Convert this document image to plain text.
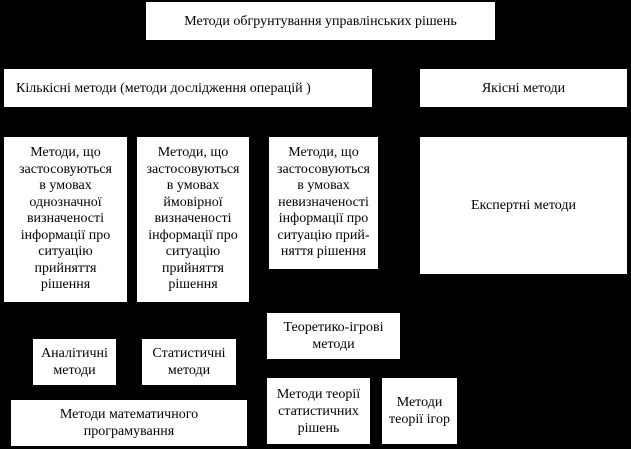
Методи обгрунтування управлінських рішень
Кількісні методи (методи дослідження операцій )	Якісні методи
Методи, що
застосовуються
в умовах
однозначної
визначеності
інформації про
ситуацію
прийняття
рішення
Методи, що
застосовуються
в умовах
ймовірної
визначеності
інформації про
ситуацію
прийняття
рішення
Методи, що
застосовуються
в умовах
невизначеності
інформації про
ситуацію прий-
няття рішення
Експертні методи
Теоретико-ігрові
методи
Аналітичні
методи
Статистичні
методи
Методи математичного
програмування
Методи теорії
статистичних
рішень
Методи
теорії ігор
